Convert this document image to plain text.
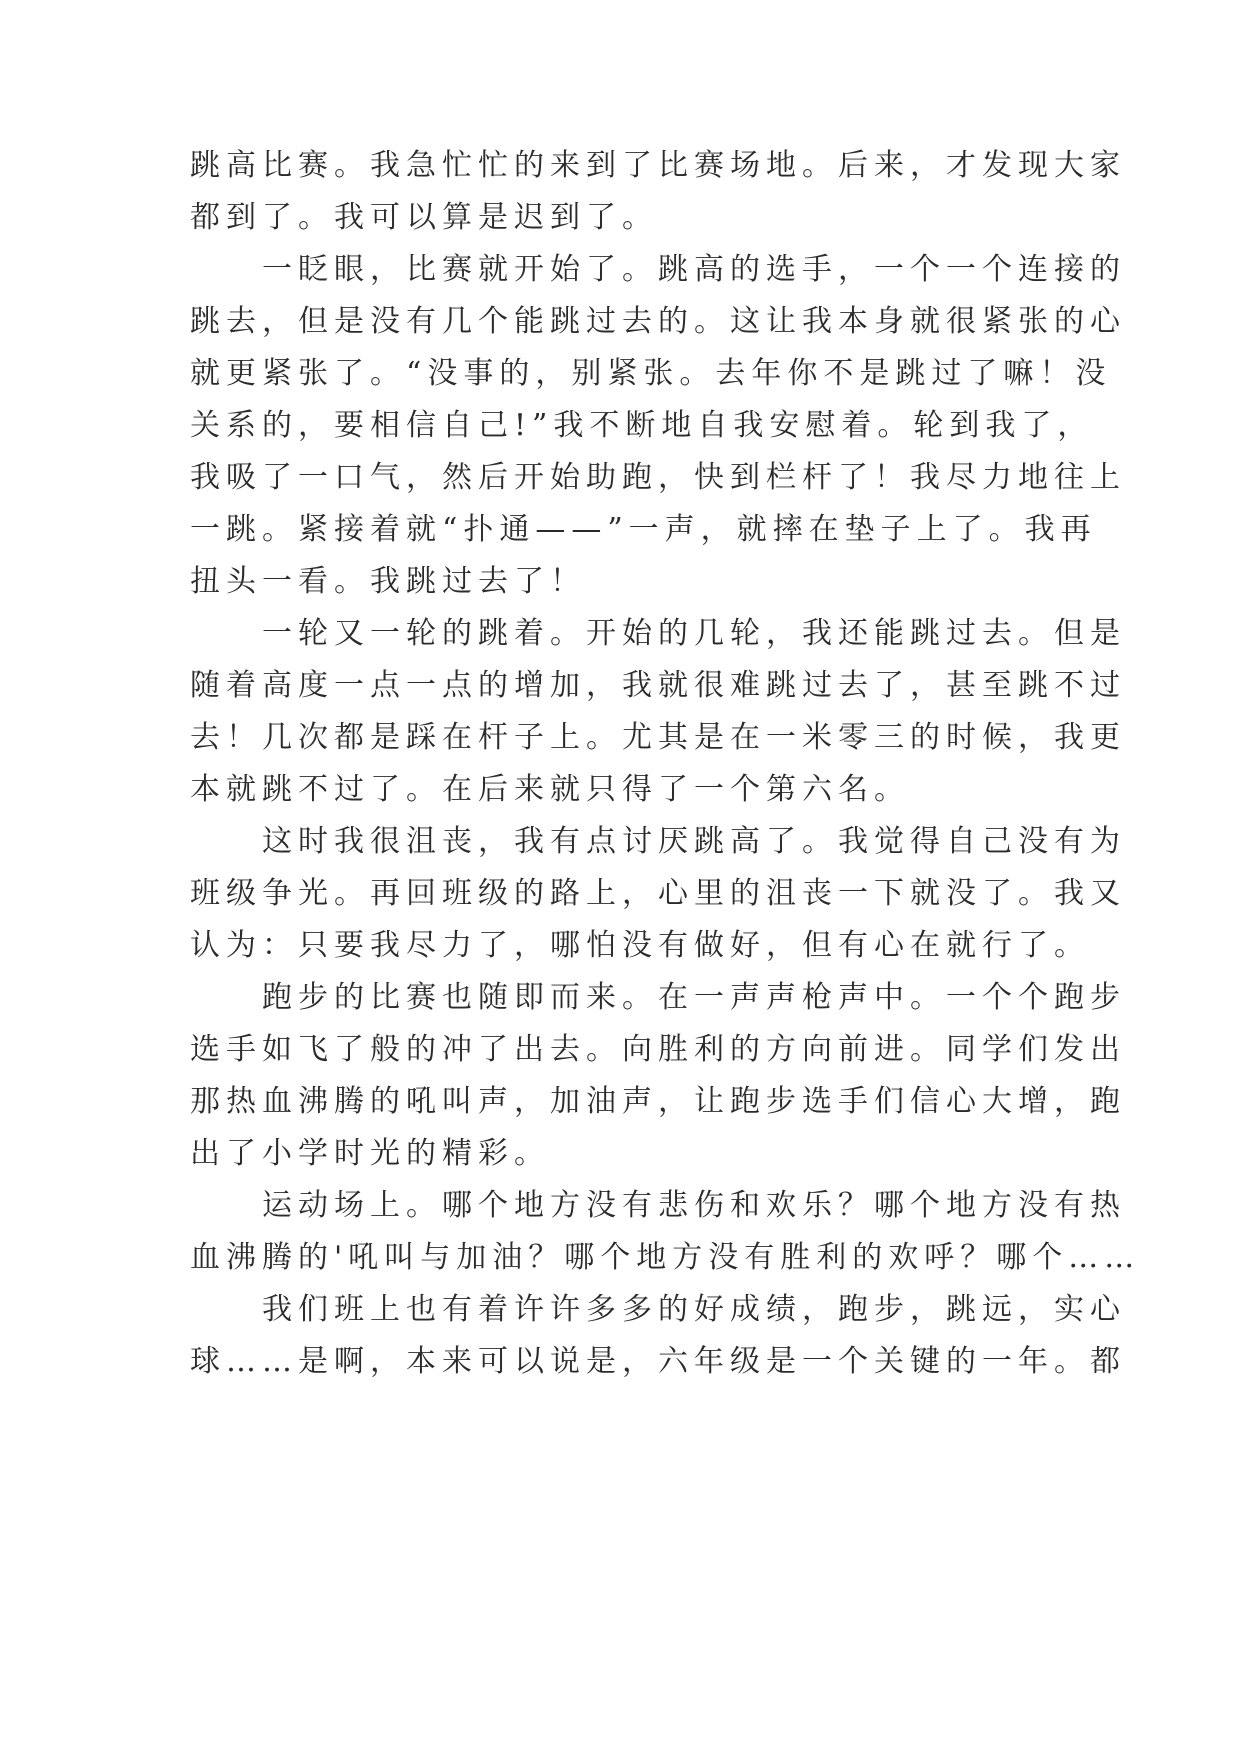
跳高比赛。我急忙忙的来到了比赛场地。后来，才发现大家

都到了。我可以算是迟到了。

　　一眨眼，比赛就开始了。跳高的选手，一个一个连接的

跳去，但是没有几个能跳过去的。这让我本身就很紧张的心

就更紧张了。“没事的，别紧张。去年你不是跳过了嘛！没

关系的，要相信自己!”我不断地自我安慰着。轮到我了，

我吸了一口气，然后开始助跑，快到栏杆了！我尽力地往上

一跳。紧接着就“扑通——”一声，就摔在垫子上了。我再

扭头一看。我跳过去了！

　　一轮又一轮的跳着。开始的几轮，我还能跳过去。但是

随着高度一点一点的增加，我就很难跳过去了，甚至跳不过

去！几次都是踩在杆子上。尤其是在一米零三的时候，我更

本就跳不过了。在后来就只得了一个第六名。

　　这时我很沮丧，我有点讨厌跳高了。我觉得自己没有为

班级争光。再回班级的路上，心里的沮丧一下就没了。我又

认为：只要我尽力了，哪怕没有做好，但有心在就行了。

　　跑步的比赛也随即而来。在一声声枪声中。一个个跑步

选手如飞了般的冲了出去。向胜利的方向前进。同学们发出

那热血沸腾的吼叫声，加油声，让跑步选手们信心大增，跑

出了小学时光的精彩。

　　运动场上。哪个地方没有悲伤和欢乐？哪个地方没有热

血沸腾的'吼叫与加油？哪个地方没有胜利的欢呼？哪个……

　　我们班上也有着许许多多的好成绩，跑步，跳远，实心

球……是啊，本来可以说是，六年级是一个关键的一年。都
